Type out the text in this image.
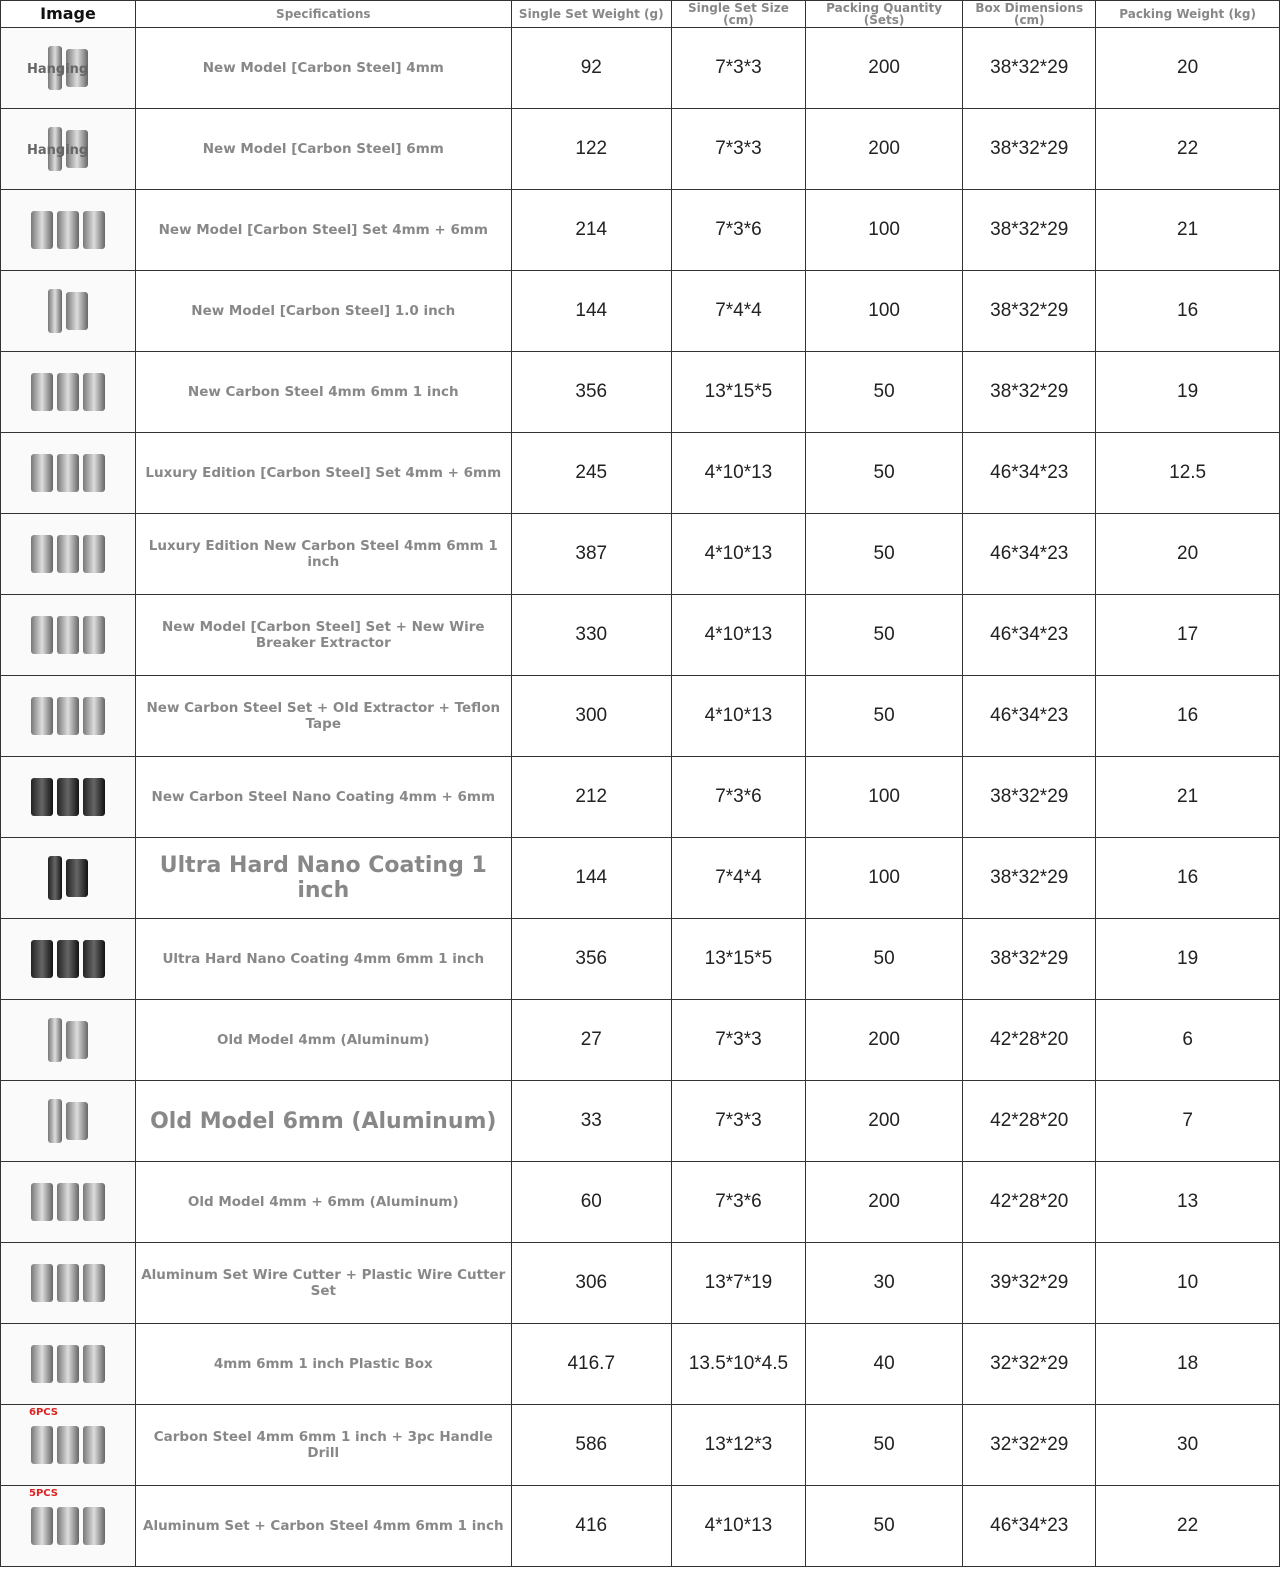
Image	Specifications	Single Set Weight (g)	Single Set Size (cm)	Packing Quantity (Sets)	Box Dimensions (cm)	Packing Weight (kg)

Hanging	New Model [Carbon Steel] 4mm	92	7*3*3	200	38*32*29	20

Hanging	New Model [Carbon Steel] 6mm	122	7*3*3	200	38*32*29	22

	New Model [Carbon Steel] Set 4mm + 6mm	214	7*3*6	100	38*32*29	21

	New Model [Carbon Steel] 1.0 inch	144	7*4*4	100	38*32*29	16

	New Carbon Steel 4mm 6mm 1 inch	356	13*15*5	50	38*32*29	19

	Luxury Edition [Carbon Steel] Set 4mm + 6mm	245	4*10*13	50	46*34*23	12.5

	Luxury Edition New Carbon Steel 4mm 6mm 1 inch	387	4*10*13	50	46*34*23	20

	New Model [Carbon Steel] Set + New Wire Breaker Extractor	330	4*10*13	50	46*34*23	17

	New Carbon Steel Set + Old Extractor + Teflon Tape	300	4*10*13	50	46*34*23	16

	New Carbon Steel Nano Coating 4mm + 6mm	212	7*3*6	100	38*32*29	21

	Ultra Hard Nano Coating 1 inch	144	7*4*4	100	38*32*29	16

	Ultra Hard Nano Coating 4mm 6mm 1 inch	356	13*15*5	50	38*32*29	19

	Old Model 4mm (Aluminum)	27	7*3*3	200	42*28*20	6

	Old Model 6mm (Aluminum)	33	7*3*3	200	42*28*20	7

	Old Model 4mm + 6mm (Aluminum)	60	7*3*6	200	42*28*20	13

	Aluminum Set Wire Cutter + Plastic Wire Cutter Set	306	13*7*19	30	39*32*29	10

	4mm 6mm 1 inch Plastic Box	416.7	13.5*10*4.5	40	32*32*29	18

6PCS	Carbon Steel 4mm 6mm 1 inch + 3pc Handle Drill	586	13*12*3	50	32*32*29	30

5PCS	Aluminum Set + Carbon Steel 4mm 6mm 1 inch	416	4*10*13	50	46*34*23	22
